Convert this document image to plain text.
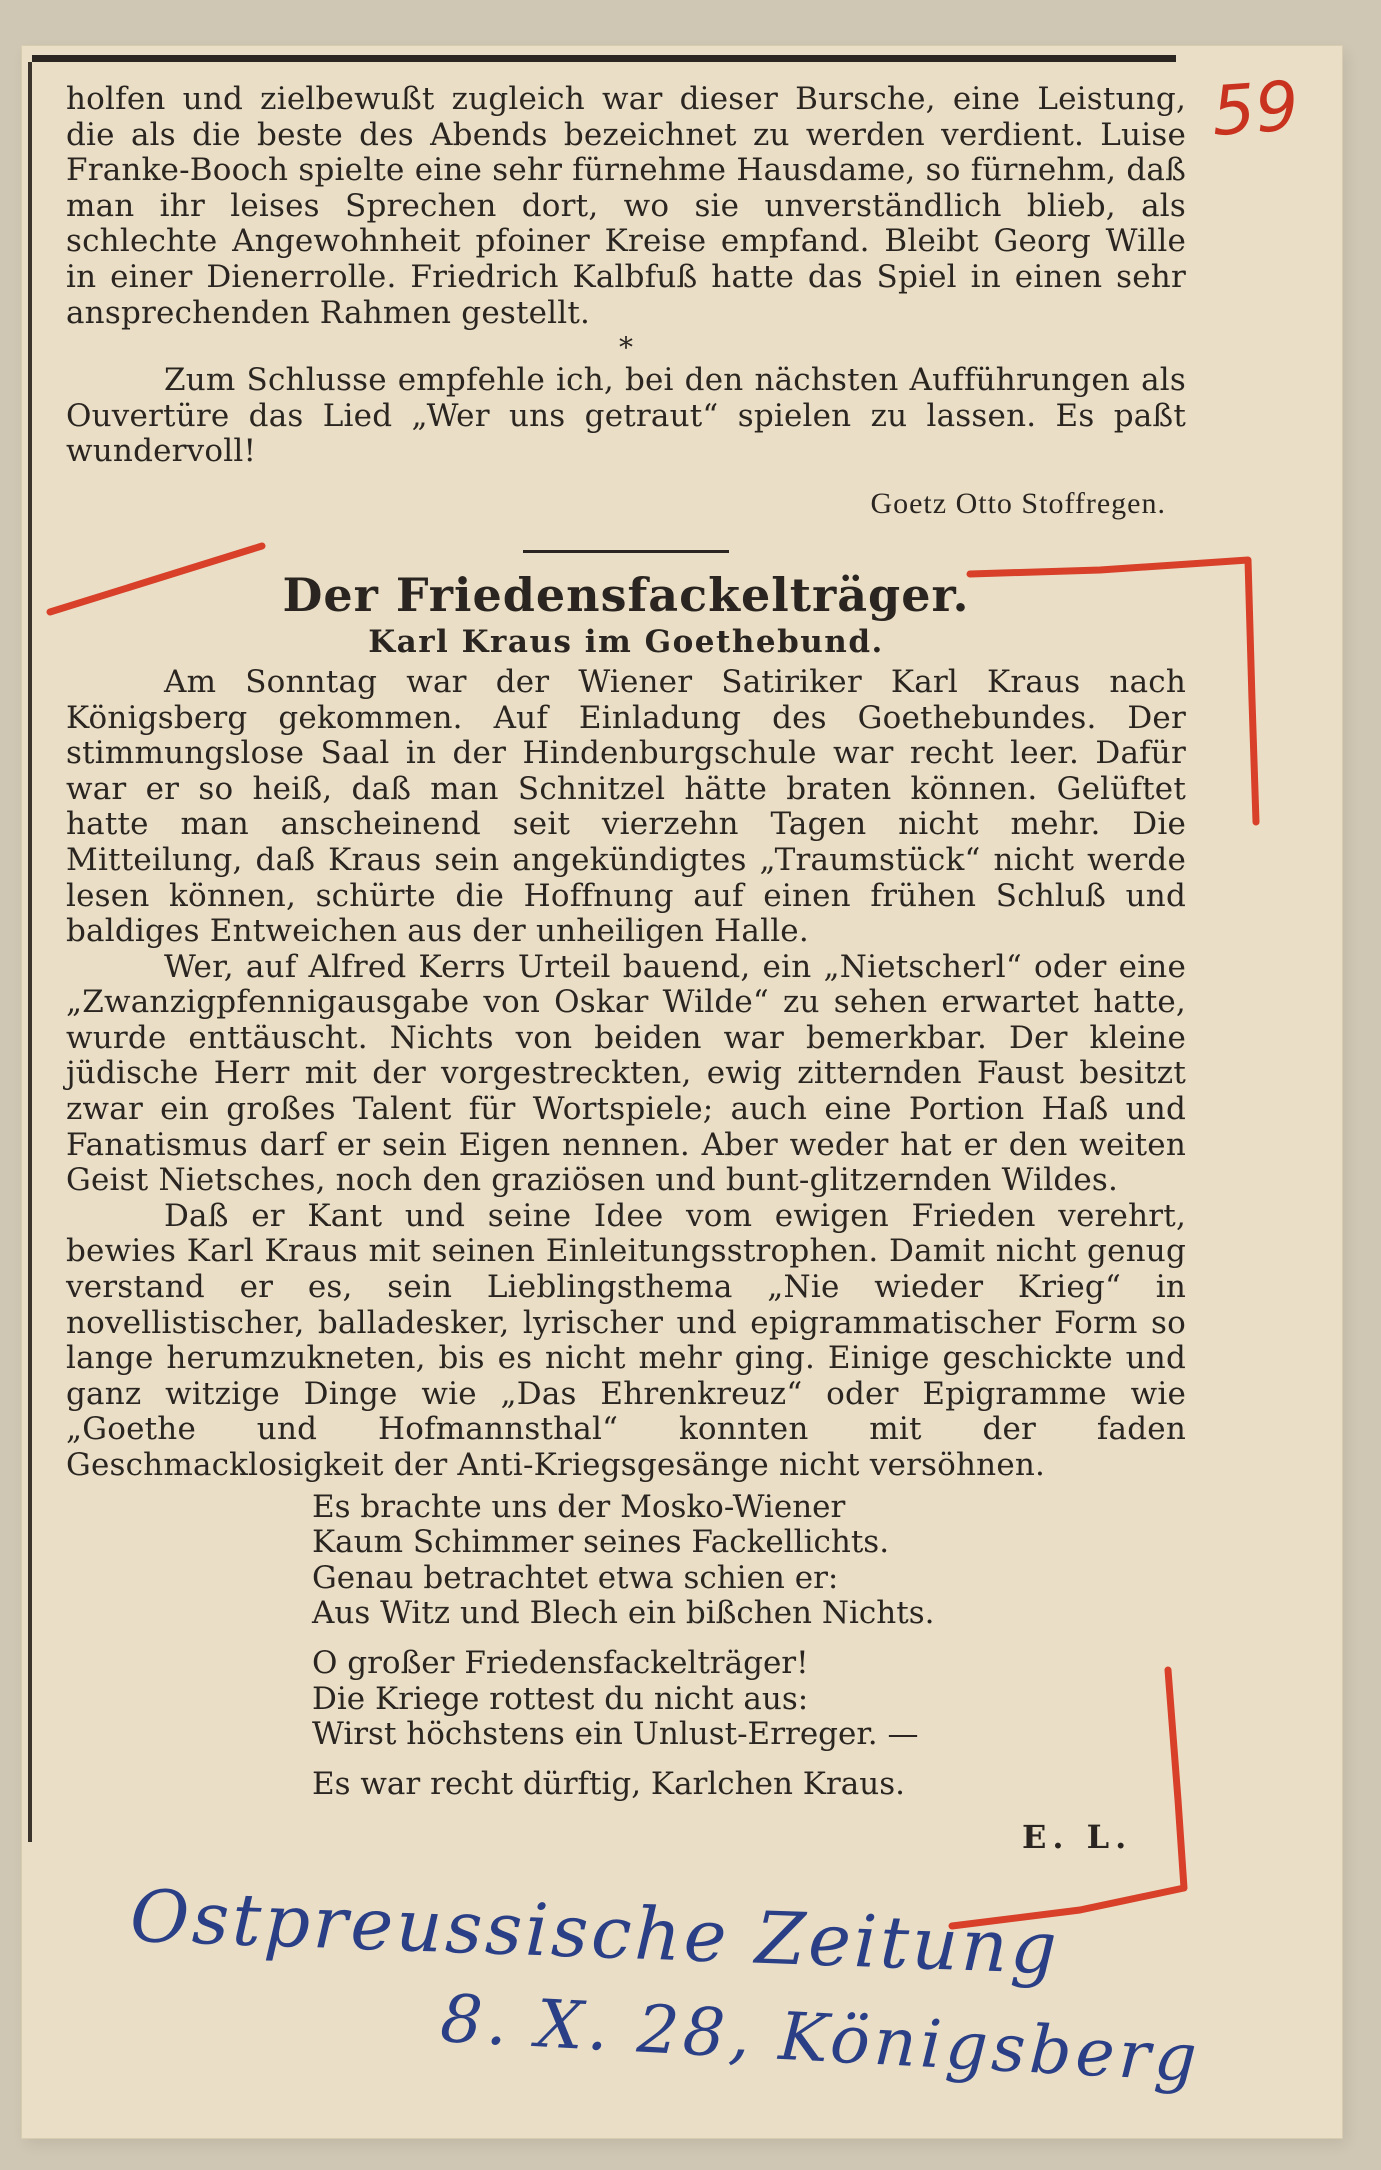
59

holfen und zielbewußt zugleich war dieser Bursche, eine Leistung, die als die beste des Abends bezeichnet zu werden verdient. Luise Franke-Booch spielte eine sehr fürnehme Hausdame, so fürnehm, daß man ihr leises Sprechen dort, wo sie unverständlich blieb, als schlechte Angewohnheit pfoiner Kreise empfand. Bleibt Georg Wille in einer Dienerrolle. Friedrich Kalbfuß hatte das Spiel in einen sehr ansprechenden Rahmen gestellt.

*

Zum Schlusse empfehle ich, bei den nächsten Aufführungen als Ouvertüre das Lied „Wer uns getraut“ spielen zu lassen. Es paßt wundervoll!

Goetz Otto Stoffregen.

Der Friedensfackelträger.
Karl Kraus im Goethebund.

Am Sonntag war der Wiener Satiriker Karl Kraus nach Königsberg gekommen. Auf Einladung des Goethebundes. Der stimmungslose Saal in der Hindenburgschule war recht leer. Dafür war er so heiß, daß man Schnitzel hätte braten können. Gelüftet hatte man anscheinend seit vierzehn Tagen nicht mehr. Die Mitteilung, daß Kraus sein angekündigtes „Traumstück“ nicht werde lesen können, schürte die Hoffnung auf einen frühen Schluß und baldiges Entweichen aus der unheiligen Halle.

Wer, auf Alfred Kerrs Urteil bauend, ein „Nietscherl“ oder eine „Zwanzigpfennigausgabe von Oskar Wilde“ zu sehen erwartet hatte, wurde enttäuscht. Nichts von beiden war bemerkbar. Der kleine jüdische Herr mit der vorgestreckten, ewig zitternden Faust besitzt zwar ein großes Talent für Wortspiele; auch eine Portion Haß und Fanatismus darf er sein Eigen nennen. Aber weder hat er den weiten Geist Nietsches, noch den graziösen und bunt-glitzernden Wildes.

Daß er Kant und seine Idee vom ewigen Frieden verehrt, bewies Karl Kraus mit seinen Einleitungsstrophen. Damit nicht genug verstand er es, sein Lieblingsthema „Nie wieder Krieg“ in novellistischer, balladesker, lyrischer und epigrammatischer Form so lange herumzukneten, bis es nicht mehr ging. Einige geschickte und ganz witzige Dinge wie „Das Ehrenkreuz“ oder Epigramme wie „Goethe und Hofmannsthal“ konnten mit der faden Geschmacklosigkeit der Anti-Kriegsgesänge nicht versöhnen.

Es brachte uns der Mosko-Wiener
Kaum Schimmer seines Fackellichts.
Genau betrachtet etwa schien er:
Aus Witz und Blech ein bißchen Nichts.
O großer Friedensfackelträger!
Die Kriege rottest du nicht aus:
Wirst höchstens ein Unlust-Erreger. —
Es war recht dürftig, Karlchen Kraus.
E. L.
Ostpreussische Zeitung
8. X. 28, Königsberg
